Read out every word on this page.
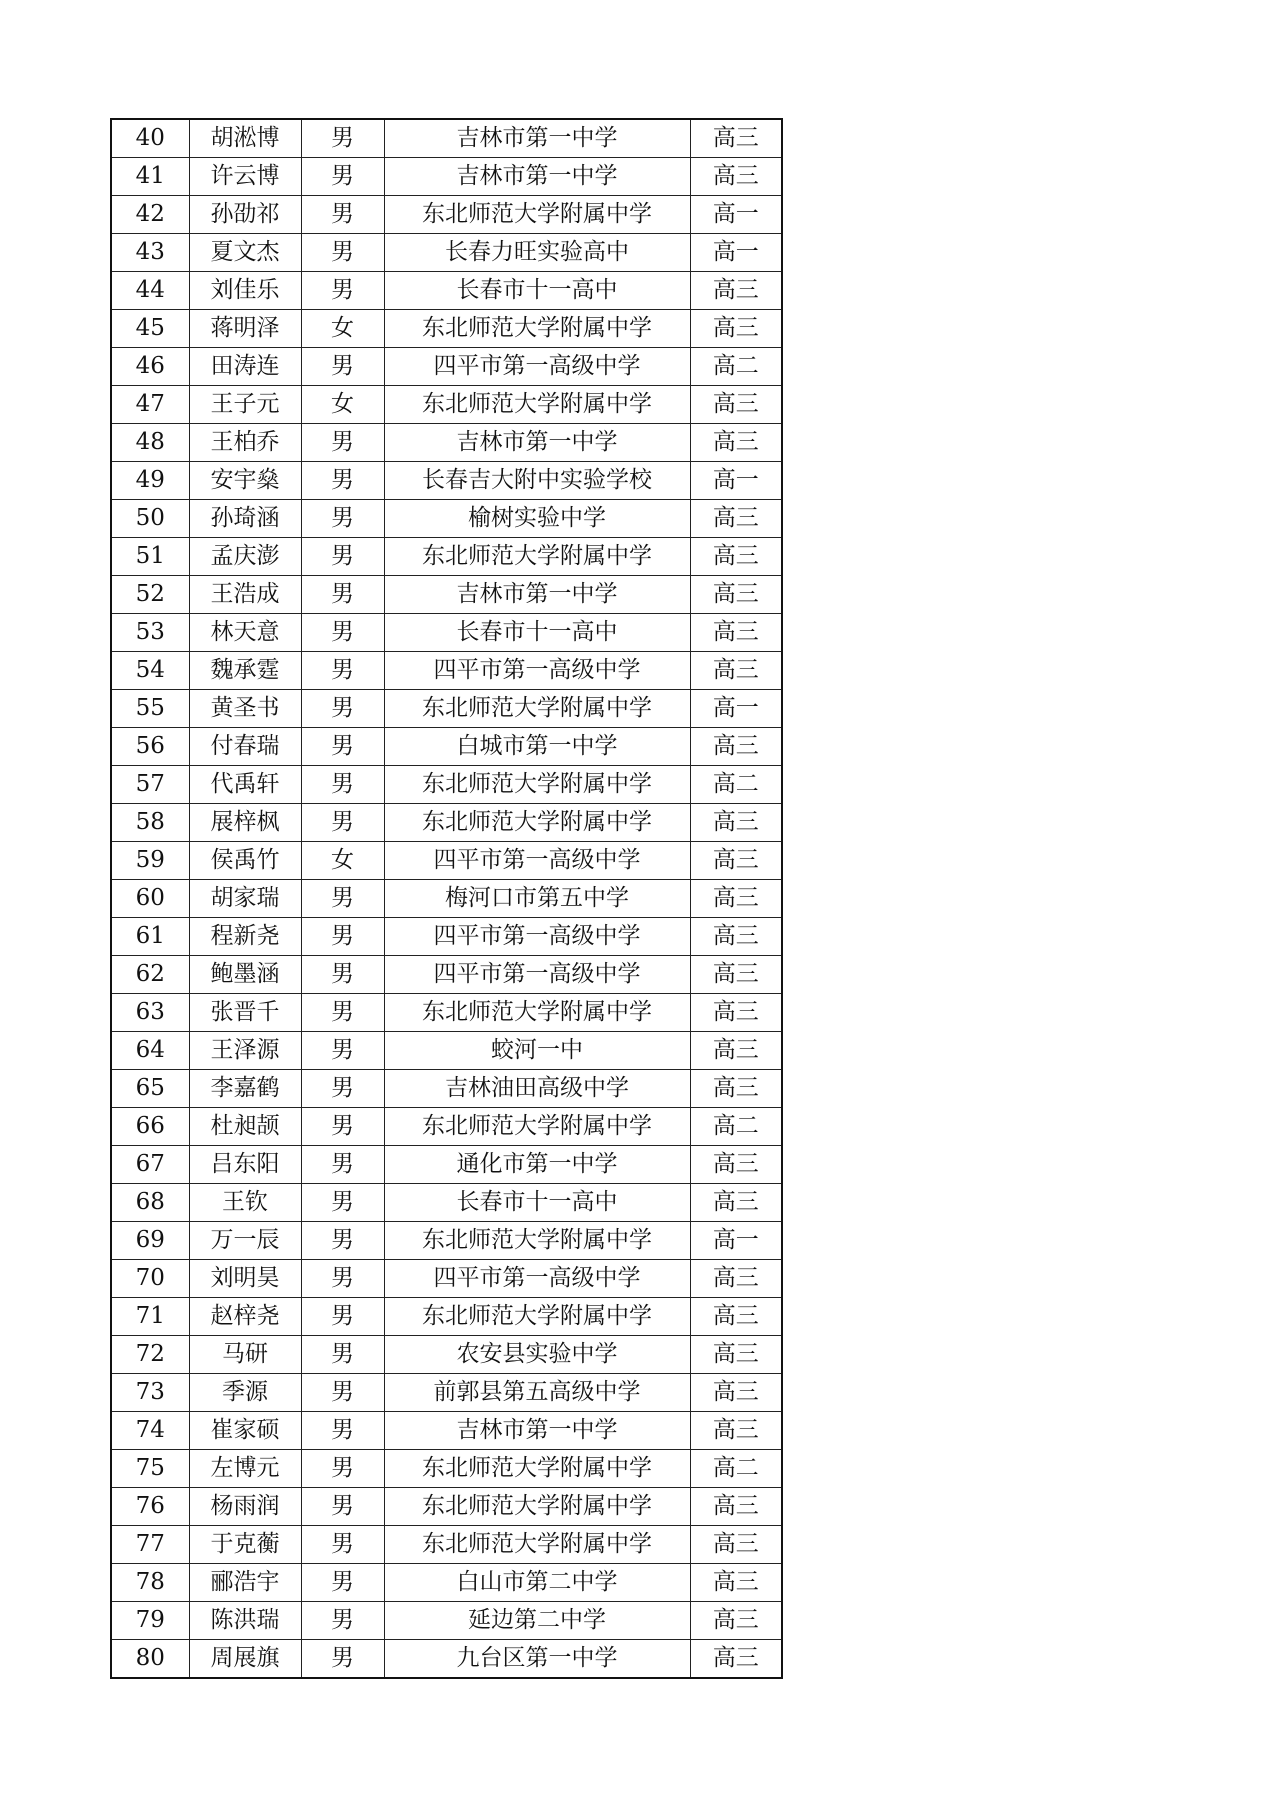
40	胡淞博	男	吉林市第一中学	高三
41	许云博	男	吉林市第一中学	高三
42	孙劭祁	男	东北师范大学附属中学	高一
43	夏文杰	男	长春力旺实验高中	高一
44	刘佳乐	男	长春市十一高中	高三
45	蒋明泽	女	东北师范大学附属中学	高三
46	田涛连	男	四平市第一高级中学	高二
47	王子元	女	东北师范大学附属中学	高三
48	王柏乔	男	吉林市第一中学	高三
49	安宇燊	男	长春吉大附中实验学校	高一
50	孙琦涵	男	榆树实验中学	高三
51	孟庆澎	男	东北师范大学附属中学	高三
52	王浩成	男	吉林市第一中学	高三
53	林天意	男	长春市十一高中	高三
54	魏承霆	男	四平市第一高级中学	高三
55	黄圣书	男	东北师范大学附属中学	高一
56	付春瑞	男	白城市第一中学	高三
57	代禹轩	男	东北师范大学附属中学	高二
58	展梓枫	男	东北师范大学附属中学	高三
59	侯禹竹	女	四平市第一高级中学	高三
60	胡家瑞	男	梅河口市第五中学	高三
61	程新尧	男	四平市第一高级中学	高三
62	鲍墨涵	男	四平市第一高级中学	高三
63	张晋千	男	东北师范大学附属中学	高三
64	王泽源	男	蛟河一中	高三
65	李嘉鹤	男	吉林油田高级中学	高三
66	杜昶颉	男	东北师范大学附属中学	高二
67	吕东阳	男	通化市第一中学	高三
68	王钦	男	长春市十一高中	高三
69	万一辰	男	东北师范大学附属中学	高一
70	刘明昊	男	四平市第一高级中学	高三
71	赵梓尧	男	东北师范大学附属中学	高三
72	马研	男	农安县实验中学	高三
73	季源	男	前郭县第五高级中学	高三
74	崔家硕	男	吉林市第一中学	高三
75	左博元	男	东北师范大学附属中学	高二
76	杨雨润	男	东北师范大学附属中学	高三
77	于克蘅	男	东北师范大学附属中学	高三
78	郦浩宇	男	白山市第二中学	高三
79	陈洪瑞	男	延边第二中学	高三
80	周展旗	男	九台区第一中学	高三
